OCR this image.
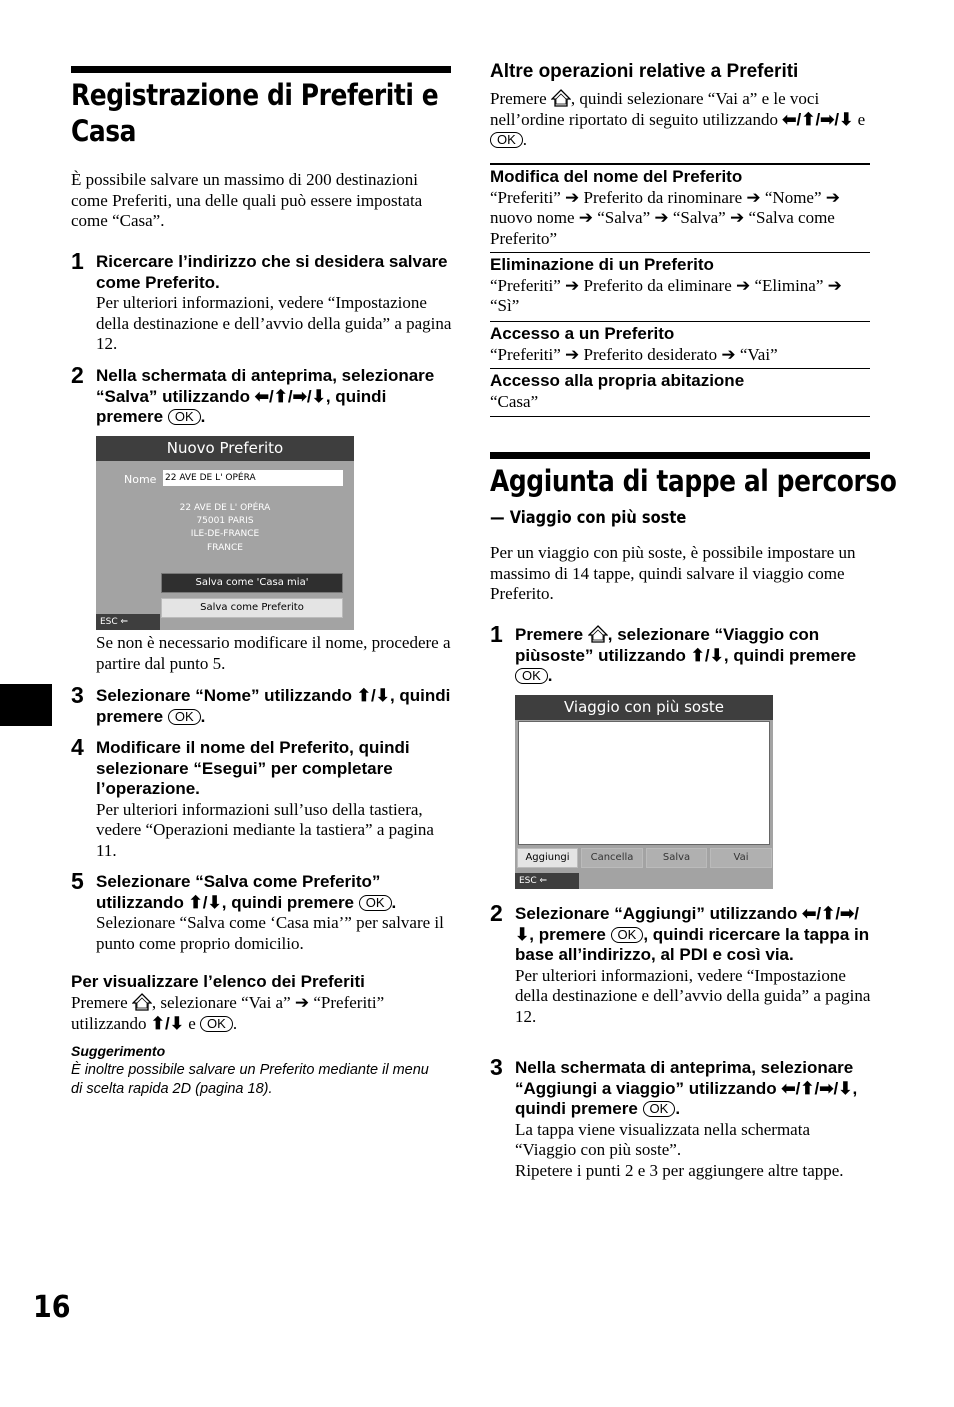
Registrazione di Preferiti e
Casa

È possibile salvare un massimo di 200 destinazioni come Preferiti, una delle quali può essere impostata come “Casa”.

1 Ricercare l’indirizzo che si desidera salvare come Preferito.
Per ulteriori informazioni, vedere “Impostazione della destinazione e dell’avvio della guida” a pagina 12.
2 Nella schermata di anteprima, selezionare “Salva” utilizzando ⬅/⬆/➡/⬇, quindi premere OK .
Nuovo Preferito
Nome 22 AVE DE L' OPÉRA
22 AVE DE L' OPÉRA
75001 PARIS
ILE-DE-FRANCE
FRANCE
Salva come 'Casa mia'
Salva come Preferito
ESC ⇐

Se non è necessario modificare il nome, procedere a partire dal punto 5.

3 Selezionare “Nome” utilizzando ⬆/⬇, quindi premere OK .
4 Modificare il nome del Preferito, quindi selezionare “Esegui” per completare l’operazione.
Per ulteriori informazioni sull’uso della tastiera, vedere “Operazioni mediante la tastiera” a pagina 11.
5 Selezionare “Salva come Preferito” utilizzando ⬆/⬇, quindi premere OK .
Selezionare “Salva come ‘Casa mia’” per salvare il punto come proprio domicilio.
Per visualizzare l’elenco dei Preferiti
Premere , selezionare “Vai a” ➔ “Preferiti”
utilizzando ⬆/⬇ e OK .
Suggerimento

È inoltre possibile salvare un Preferito mediante il menu di scelta rapida 2D (pagina 18).

16
Altre operazioni relative a Preferiti
Premere , quindi selezionare “Vai a” e le voci nell’ordine riportato di seguito utilizzando ⬅/⬆/➡/⬇ e OK .
Modifica del nome del Preferito
“Preferiti” ➔ Preferito da rinominare ➔ “Nome” ➔ nuovo nome ➔ “Salva” ➔ “Salva” ➔ “Salva come Preferito”
Eliminazione di un Preferito
“Preferiti” ➔ Preferito da eliminare ➔ “Elimina” ➔ “Sì”
Accesso a un Preferito
“Preferiti” ➔ Preferito desiderato ➔ “Vai”
Accesso alla propria abitazione
“Casa”
Aggiunta di tappe al percorso
— Viaggio con più soste

Per un viaggio con più soste, è possibile impostare un massimo di 14 tappe, quindi salvare il viaggio come Preferito.

1 Premere , selezionare “Viaggio con piùsoste” utilizzando ⬆/⬇, quindi premere OK .
Viaggio con più soste
Aggiungi	Cancella	Salva	Vai
ESC ⇐
2 Selezionare “Aggiungi” utilizzando ⬅/⬆/➡/⬇, premere OK , quindi ricercare la tappa in base all’indirizzo, al PDI e così via.
Per ulteriori informazioni, vedere “Impostazione della destinazione e dell’avvio della guida” a pagina 12.
3 Nella schermata di anteprima, selezionare “Aggiungi a viaggio” utilizzando ⬅/⬆/➡/⬇, quindi premere OK .
La tappa viene visualizzata nella schermata “Viaggio con più soste”.
Ripetere i punti 2 e 3 per aggiungere altre tappe.
